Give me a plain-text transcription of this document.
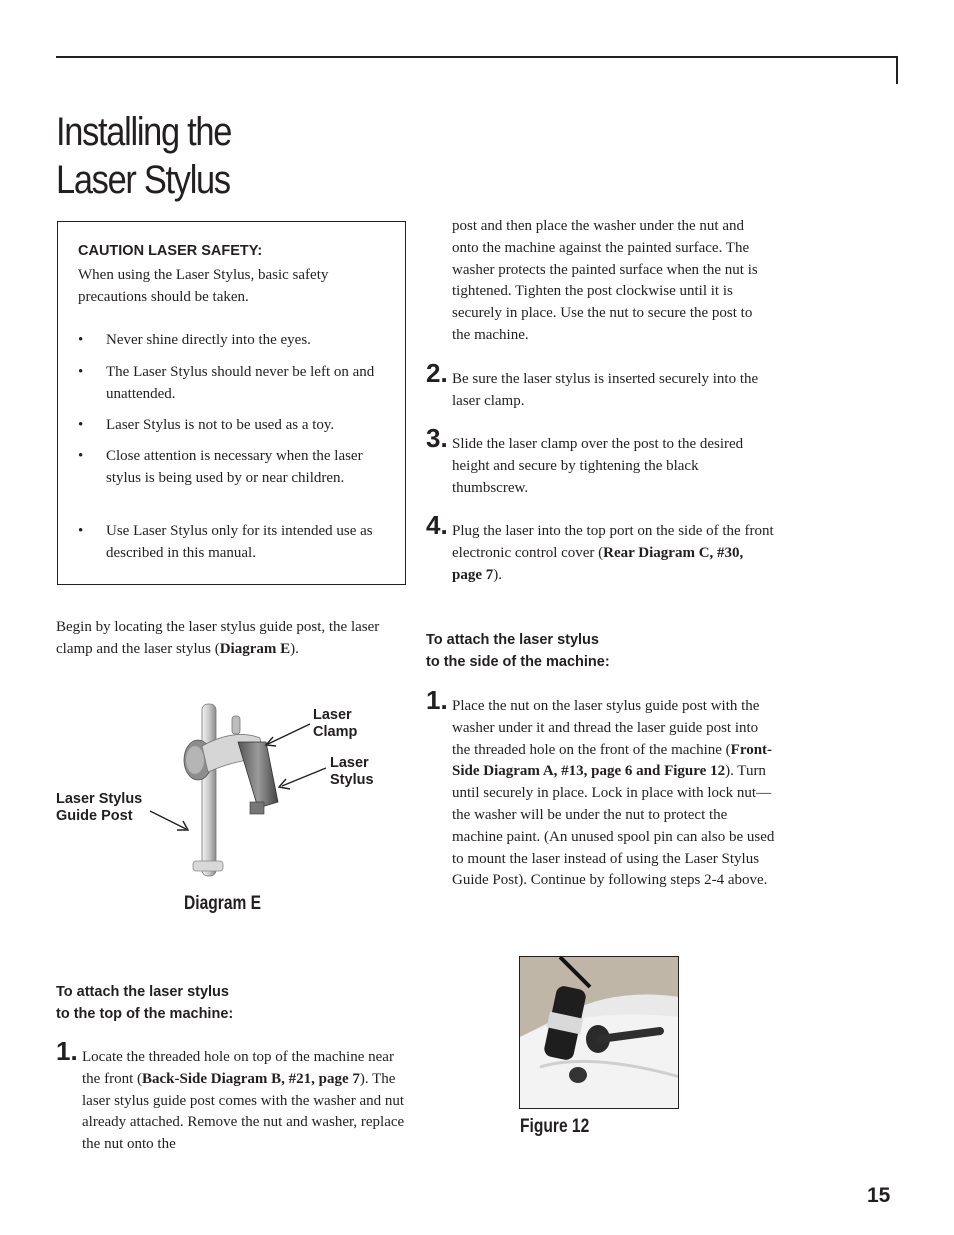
Installing the
Laser Stylus

CAUTION LASER SAFETY:

When using the Laser Stylus, basic safety precautions should be taken.

• Never shine directly into the eyes.
• The Laser Stylus should never be left on and unattended.
• Laser Stylus is not to be used as a toy.
• Close attention is necessary when the laser stylus is being used by or near children.
• Use Laser Stylus only for its intended use as described in this manual.

Begin by locating the laser stylus guide post, the laser clamp and the laser stylus (Diagram E).

Laser
Clamp

Laser
Stylus

Laser Stylus
Guide Post

Diagram E

To attach the laser stylus
to the top of the machine:
1. Locate the threaded hole on top of the machine near the front (Back-Side Diagram B, #21, page 7). The laser stylus guide post comes with the washer and nut already attached. Remove the nut and washer, replace the nut onto the

post and then place the washer under the nut and onto the machine against the painted surface. The washer protects the painted surface when the nut is tightened. Tighten the post clockwise until it is securely in place. Use the nut to secure the post to the machine.

2. Be sure the laser stylus is inserted securely into the laser clamp.

3. Slide the laser clamp over the post to the desired height and secure by tightening the black thumbscrew.

4. Plug the laser into the top port on the side of the front electronic control cover (Rear Diagram C, #30, page 7).

To attach the laser stylus
to the side of the machine:
1. Place the nut on the laser stylus guide post with the washer under it and thread the laser guide post into the threaded hole on the front of the machine (Front-Side Diagram A, #13, page 6 and Figure 12). Turn until securely in place. Lock in place with lock nut—the washer will be under the nut to protect the machine paint. (An unused spool pin can also be used to mount the laser instead of using the Laser Stylus Guide Post). Continue by following steps 2-4 above.

Figure 12

15
